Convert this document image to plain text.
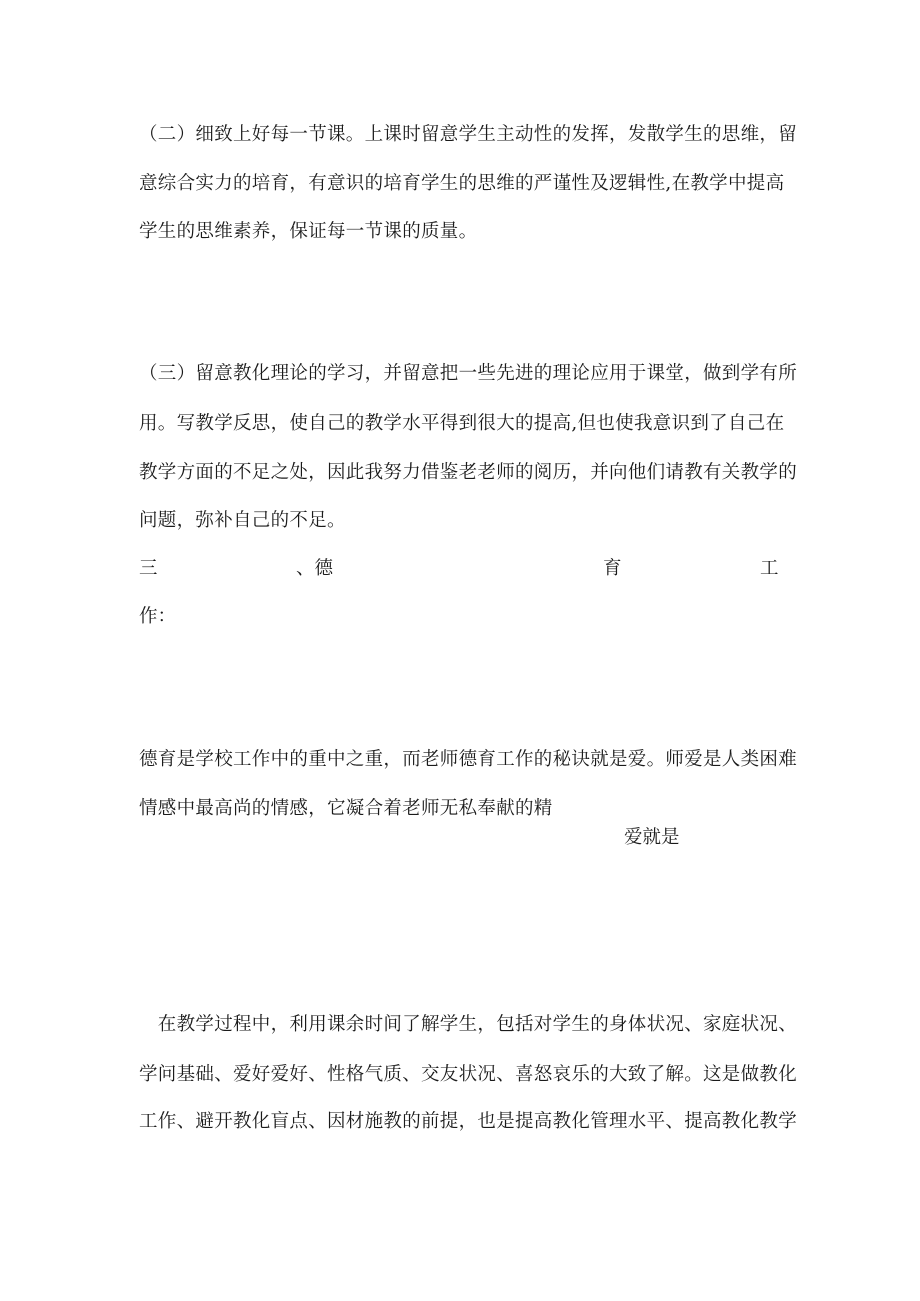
（二）细致上好每一节课。上课时留意学生主动性的发挥，发散学生的思维，留
意综合实力的培育，有意识的培育学生的思维的严谨性及逻辑性,在教学中提高
学生的思维素养，保证每一节课的质量。
（三）留意教化理论的学习，并留意把一些先进的理论应用于课堂，做到学有所
用。写教学反思，使自己的教学水平得到很大的提高,但也使我意识到了自己在
教学方面的不足之处，因此我努力借鉴老老师的阅历，并向他们请教有关教学的
问题，弥补自己的不足。
三	、德	育	工
作：
德育是学校工作中的重中之重，而老师德育工作的秘诀就是爱。师爱是人类困难
情感中最高尚的情感，它凝合着老师无私奉献的精
爱就是
　在教学过程中，利用课余时间了解学生，包括对学生的身体状况、家庭状况、
学问基础、爱好爱好、性格气质、交友状况、喜怒哀乐的大致了解。这是做教化
工作、避开教化盲点、因材施教的前提，也是提高教化管理水平、提高教化教学
